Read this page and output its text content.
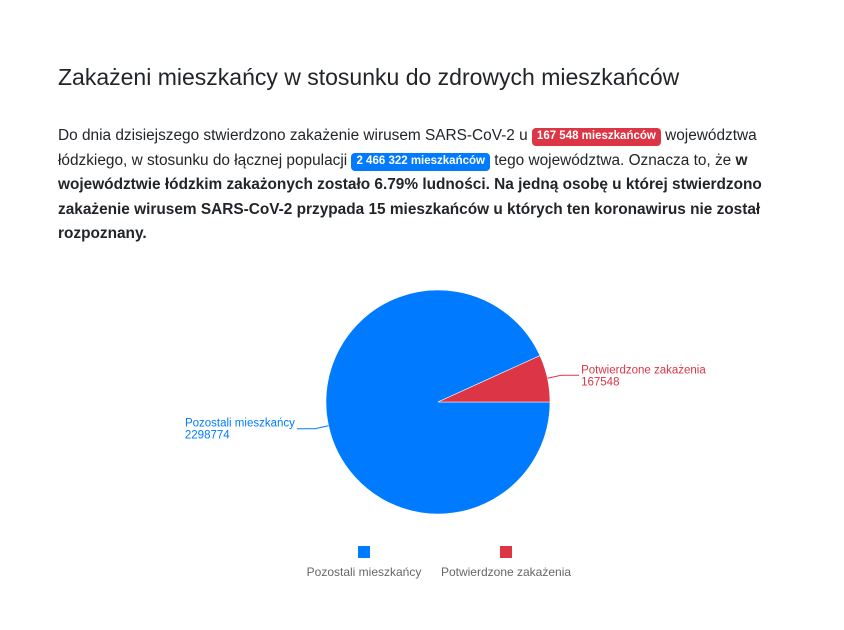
Zakażeni mieszkańcy w stosunku do zdrowych mieszkańców

Do dnia dzisiejszego stwierdzono zakażenie wirusem SARS-CoV-2 u 167 548 mieszkańców województwa łódzkiego, w stosunku do łącznej populacji 2 466 322 mieszkańców tego województwa. Oznacza to, że w województwie łódzkim zakażonych zostało 6.79% ludności. Na jedną osobę u której stwierdzono zakażenie wirusem SARS-CoV-2 przypada 15 mieszkańców u których ten koronawirus nie został rozpoznany.

Pozostali mieszkańcy
2298774
Potwierdzone zakażenia
167548
Pozostali mieszkańcy Potwierdzone zakażenia
